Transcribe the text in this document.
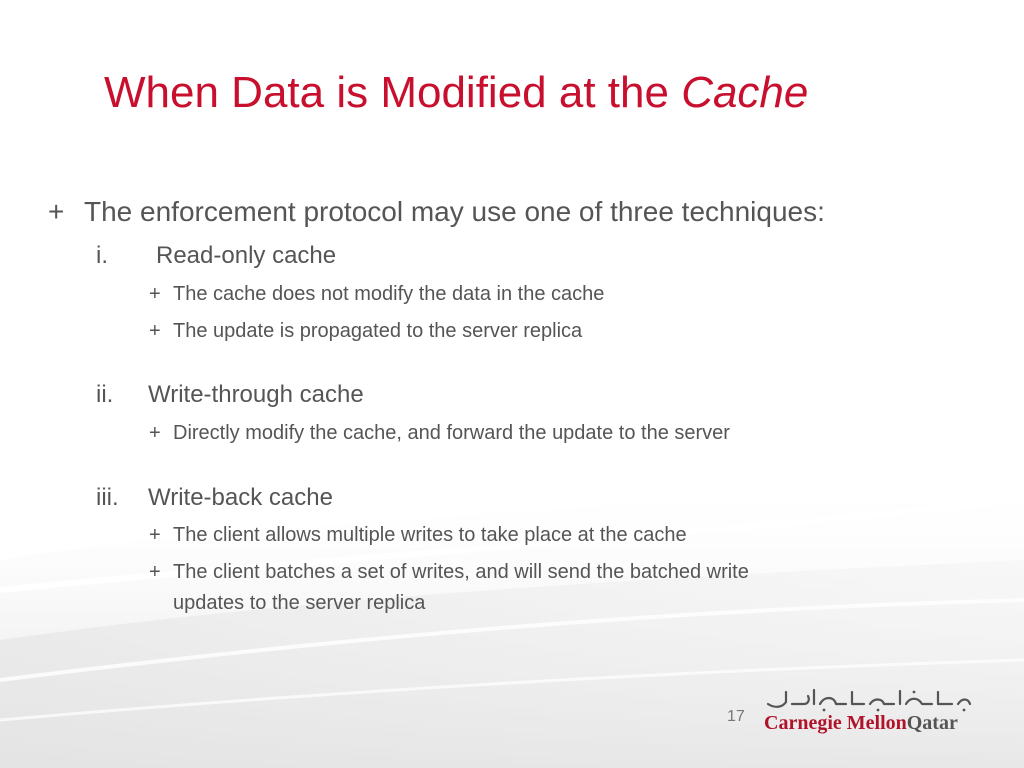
When Data is Modified at the Cache
+ The enforcement protocol may use one of three techniques:
i. Read-only cache
+ The cache does not modify the data in the cache
+ The update is propagated to the server replica
ii. Write-through cache
+ Directly modify the cache, and forward the update to the server
iii. Write-back cache
+ The client allows multiple writes to take place at the cache
+ The client batches a set of writes, and will send the batched write
updates to the server replica
17 Carnegie MellonQatar
